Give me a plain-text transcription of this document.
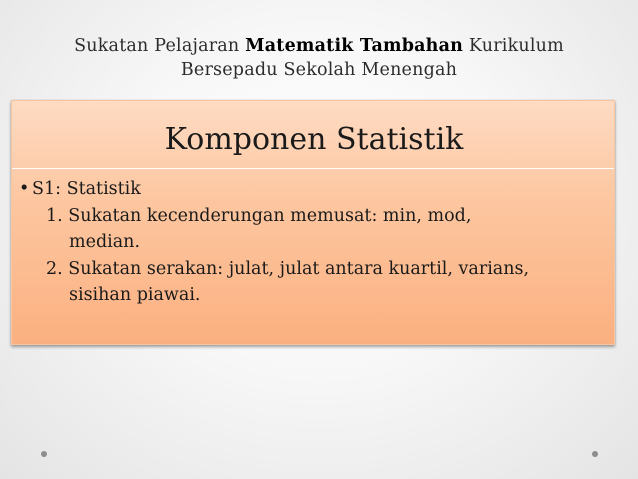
Sukatan Pelajaran Matematik Tambahan Kurikulum
Bersepadu Sekolah Menengah
Komponen Statistik
• S1: Statistik
1. Sukatan kecenderungan memusat: min, mod,
median.
2. Sukatan serakan: julat, julat antara kuartil, varians,
sisihan piawai.
